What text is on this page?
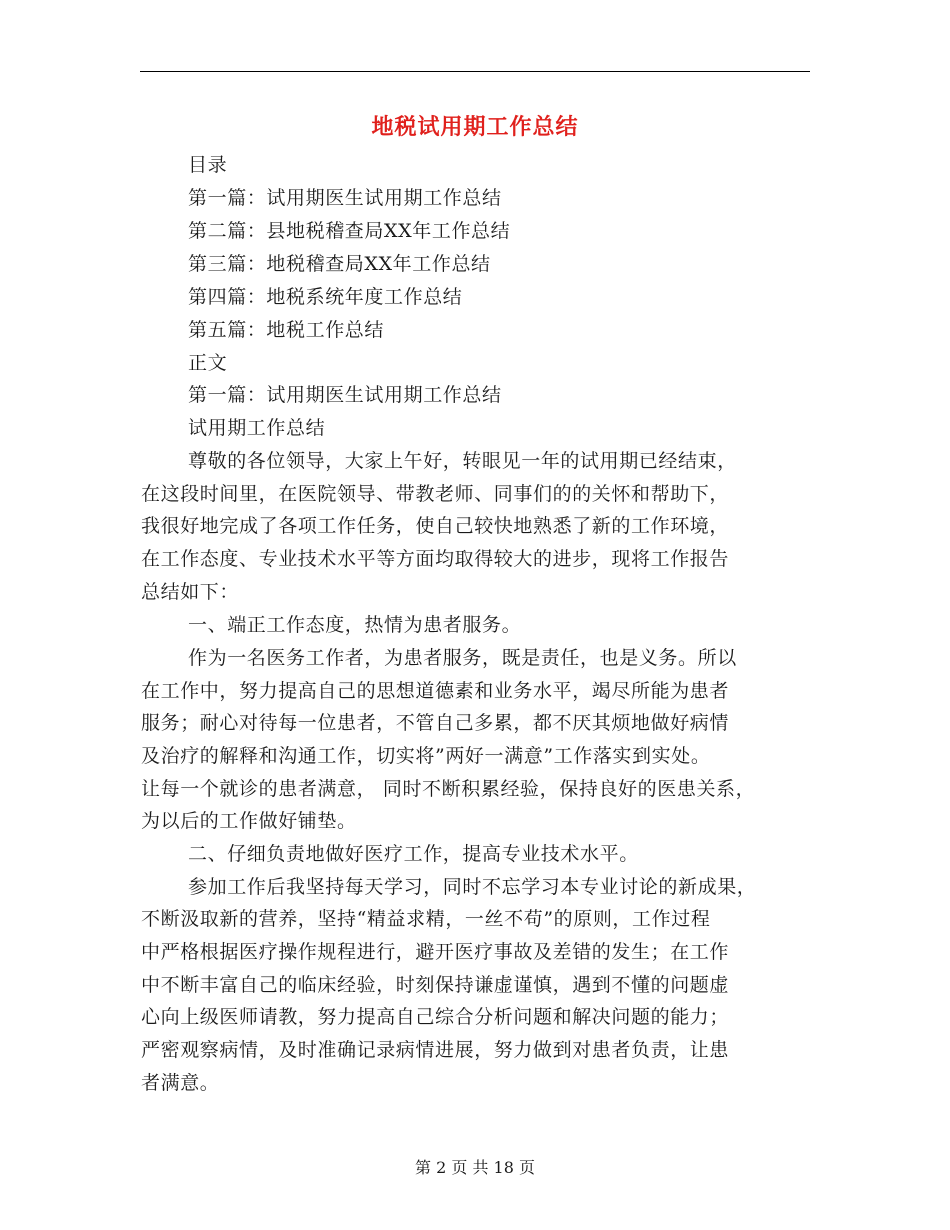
地税试用期工作总结
目录
第一篇：试用期医生试用期工作总结
第二篇：县地税稽查局XX年工作总结
第三篇：地税稽查局XX年工作总结
第四篇：地税系统年度工作总结
第五篇：地税工作总结
正文
第一篇：试用期医生试用期工作总结
试用期工作总结
尊敬的各位领导，大家上午好，转眼见一年的试用期已经结束，
在这段时间里，在医院领导、带教老师、同事们的的关怀和帮助下，
我很好地完成了各项工作任务，使自己较快地熟悉了新的工作环境，
在工作态度、专业技术水平等方面均取得较大的进步，现将工作报告
总结如下：
一、端正工作态度，热情为患者服务。
作为一名医务工作者，为患者服务，既是责任，也是义务。所以
在工作中，努力提高自己的思想道德素和业务水平，竭尽所能为患者
服务；耐心对待每一位患者，不管自己多累，都不厌其烦地做好病情
及治疗的解释和沟通工作，切实将”两好一满意”工作落实到实处。
让每一个就诊的患者满意， 同时不断积累经验，保持良好的医患关系，
为以后的工作做好铺垫。
二、仔细负责地做好医疗工作，提高专业技术水平。
参加工作后我坚持每天学习，同时不忘学习本专业讨论的新成果，
不断汲取新的营养，坚持“精益求精，一丝不苟”的原则，工作过程
中严格根据医疗操作规程进行，避开医疗事故及差错的发生；在工作
中不断丰富自己的临床经验，时刻保持谦虚谨慎，遇到不懂的问题虚
心向上级医师请教，努力提高自己综合分析问题和解决问题的能力；
严密观察病情，及时准确记录病情进展，努力做到对患者负责，让患
者满意。
第 2 页 共 18 页
